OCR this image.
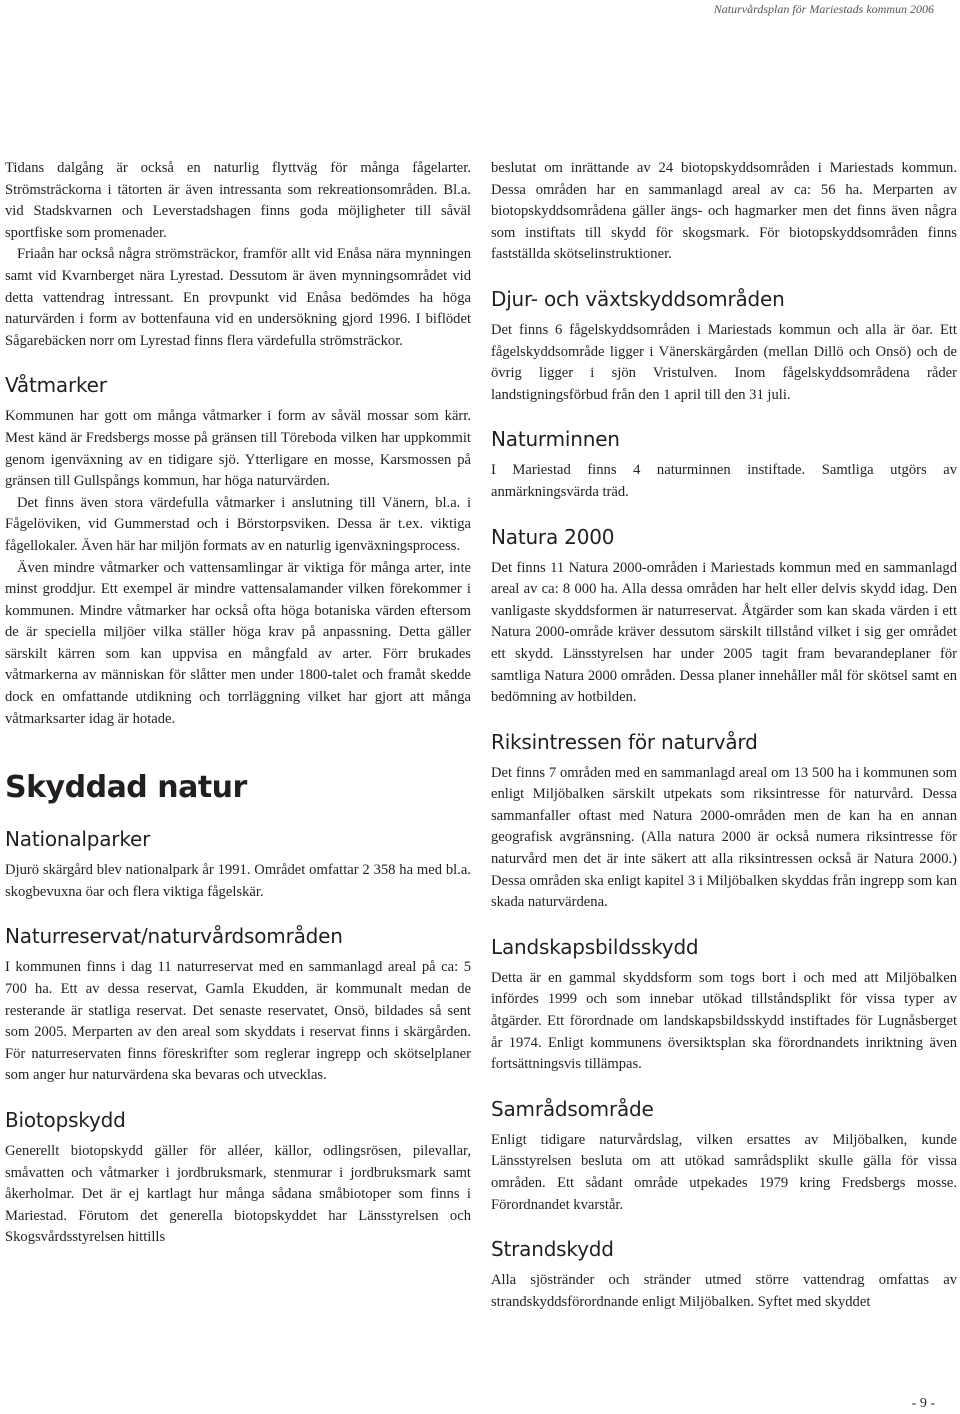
Naturvårdsplan för Mariestads kommun 2006

Tidans dalgång är också en naturlig flyttväg för många fågelarter. Strömsträckorna i tätorten är även intressanta som rekreationsområden. Bl.a. vid Stadskvarnen och Leverstadshagen finns goda möjligheter till såväl sportfiske som promenader.

Friaån har också några strömsträckor, framför allt vid Enåsa nära mynningen samt vid Kvarnberget nära Lyrestad. Dessutom är även mynningsområdet vid detta vattendrag intressant. En provpunkt vid Enåsa bedömdes ha höga naturvärden i form av bottenfauna vid en undersökning gjord 1996. I biflödet Sågarebäcken norr om Lyrestad finns flera värdefulla strömsträckor.

Våtmarker

Kommunen har gott om många våtmarker i form av såväl mossar som kärr. Mest känd är Fredsbergs mosse på gränsen till Töreboda vilken har uppkommit genom igenväxning av en tidigare sjö. Ytterligare en mosse, Karsmossen på gränsen till Gullspångs kommun, har höga naturvärden.

Det finns även stora värdefulla våtmarker i anslutning till Vänern, bl.a. i Fågelöviken, vid Gummerstad och i Börstorpsviken. Dessa är t.ex. viktiga fågellokaler. Även här har miljön formats av en naturlig igenväxningsprocess.

Även mindre våtmarker och vattensamlingar är viktiga för många arter, inte minst groddjur. Ett exempel är mindre vattensalamander vilken förekommer i kommunen. Mindre våtmarker har också ofta höga botaniska värden eftersom de är speciella miljöer vilka ställer höga krav på anpassning. Detta gäller särskilt kärren som kan uppvisa en mångfald av arter. Förr brukades våtmarkerna av människan för slåtter men under 1800-talet och framåt skedde dock en omfattande utdikning och torrläggning vilket har gjort att många våtmarksarter idag är hotade.

Skyddad natur
Nationalparker

Djurö skärgård blev nationalpark år 1991. Området omfattar 2 358 ha med bl.a. skogbevuxna öar och flera viktiga fågelskär.

Naturreservat/naturvårdsområden

I kommunen finns i dag 11 naturreservat med en sammanlagd areal på ca: 5 700 ha. Ett av dessa reservat, Gamla Ekudden, är kommunalt medan de resterande är statliga reservat. Det senaste reservatet, Onsö, bildades så sent som 2005. Merparten av den areal som skyddats i reservat finns i skärgården. För naturreservaten finns föreskrifter som reglerar ingrepp och skötselplaner som anger hur naturvärdena ska bevaras och utvecklas.

Biotopskydd

Generellt biotopskydd gäller för alléer, källor, odlingsrösen, pilevallar, småvatten och våtmarker i jordbruksmark, stenmurar i jordbruksmark samt åkerholmar. Det är ej kartlagt hur många sådana småbiotoper som finns i Mariestad. Förutom det generella biotopskyddet har Länsstyrelsen och Skogsvårdsstyrelsen hittills

beslutat om inrättande av 24 biotopskyddsområden i Mariestads kommun. Dessa områden har en sammanlagd areal av ca: 56 ha. Merparten av biotopskyddsområdena gäller ängs- och hagmarker men det finns även några som instiftats till skydd för skogsmark. För biotopskyddsområden finns fastställda skötselinstruktioner.

Djur- och växtskyddsområden

Det finns 6 fågelskyddsområden i Mariestads kommun och alla är öar. Ett fågelskyddsområde ligger i Vänerskärgården (mellan Dillö och Onsö) och de övrig ligger i sjön Vristulven. Inom fågelskyddsområdena råder landstigningsförbud från den 1 april till den 31 juli.

Naturminnen

I Mariestad finns 4 naturminnen instiftade. Samtliga utgörs av anmärkningsvärda träd.

Natura 2000

Det finns 11 Natura 2000-områden i Mariestads kommun med en sammanlagd areal av ca: 8 000 ha. Alla dessa områden har helt eller delvis skydd idag. Den vanligaste skyddsformen är naturreservat. Åtgärder som kan skada värden i ett Natura 2000-område kräver dessutom särskilt tillstånd vilket i sig ger området ett skydd. Länsstyrelsen har under 2005 tagit fram bevarandeplaner för samtliga Natura 2000 områden. Dessa planer innehåller mål för skötsel samt en bedömning av hotbilden.

Riksintressen för naturvård

Det finns 7 områden med en sammanlagd areal om 13 500 ha i kommunen som enligt Miljöbalken särskilt utpekats som riksintresse för naturvård. Dessa sammanfaller oftast med Natura 2000-områden men de kan ha en annan geografisk avgränsning. (Alla natura 2000 är också numera riksintresse för naturvård men det är inte säkert att alla riksintressen också är Natura 2000.) Dessa områden ska enligt kapitel 3 i Miljöbalken skyddas från ingrepp som kan skada naturvärdena.

Landskapsbildsskydd

Detta är en gammal skyddsform som togs bort i och med att Miljöbalken infördes 1999 och som innebar utökad tillståndsplikt för vissa typer av åtgärder. Ett förordnade om landskapsbildsskydd instiftades för Lugnåsberget år 1974. Enligt kommunens översiktsplan ska förordnandets inriktning även fortsättningsvis tillämpas.

Samrådsområde

Enligt tidigare naturvårdslag, vilken ersattes av Miljöbalken, kunde Länsstyrelsen besluta om att utökad samrådsplikt skulle gälla för vissa områden. Ett sådant område utpekades 1979 kring Fredsbergs mosse. Förordnandet kvarstår.

Strandskydd

Alla sjöstränder och stränder utmed större vattendrag omfattas av strandskyddsförordnande enligt Miljöbalken. Syftet med skyddet

- 9 -
